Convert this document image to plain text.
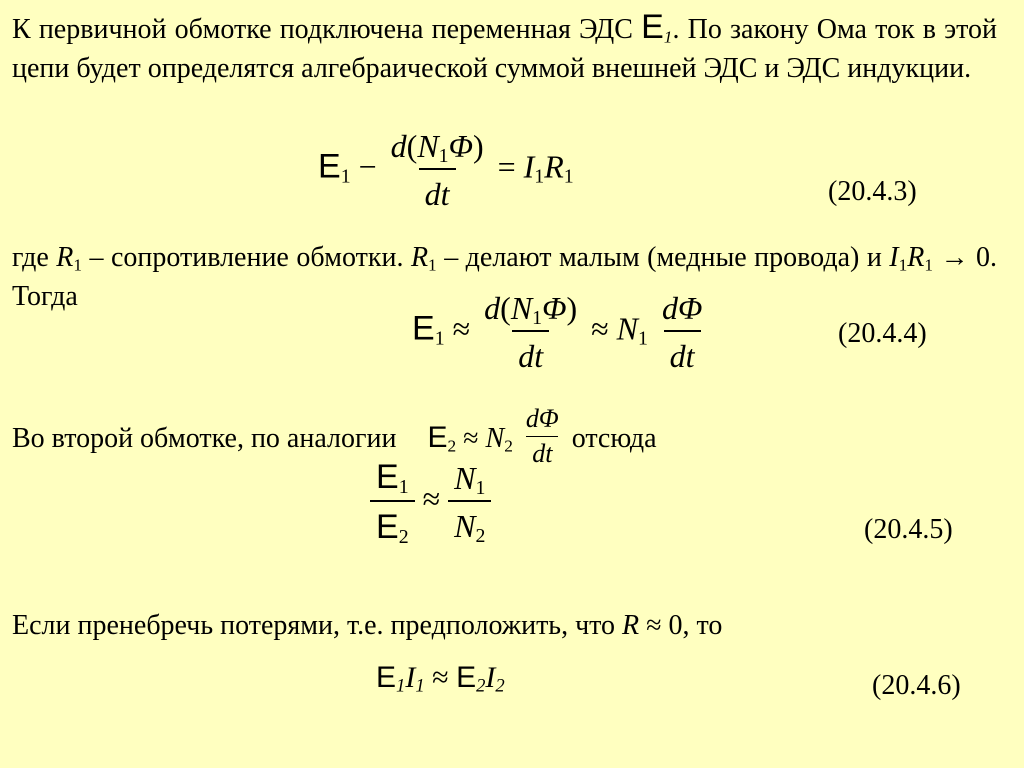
К первичной обмотке подключена переменная ЭДС $E_1$. По закону Ома ток в этой цепи будет определятся алгебраической суммой внешней ЭДС и ЭДС индукции.
$E_1 - \frac{d(N_1\Phi)}{dt} = I_1R_1$	(20.4.3)
где $R_1$ – сопротивление обмотки. $R_1$ – делают малым (медные провода) и $I_1R_1 \to 0$. Тогда
$E_1 \approx \frac{d(N_1\Phi)}{dt} \approx N_1 \frac{d\Phi}{dt}$	(20.4.4)
Во второй обмотке, по аналогии $E_2 \approx N_2 \frac{d\Phi}{dt}$ отсюда
$\frac{E_1}{E_2} \approx \frac{N_1}{N_2}$	(20.4.5)
Если пренебречь потерями, т.е. предположить, что R ≈ 0, то
$E_1I_1 \approx E_2I_2$	(20.4.6)
